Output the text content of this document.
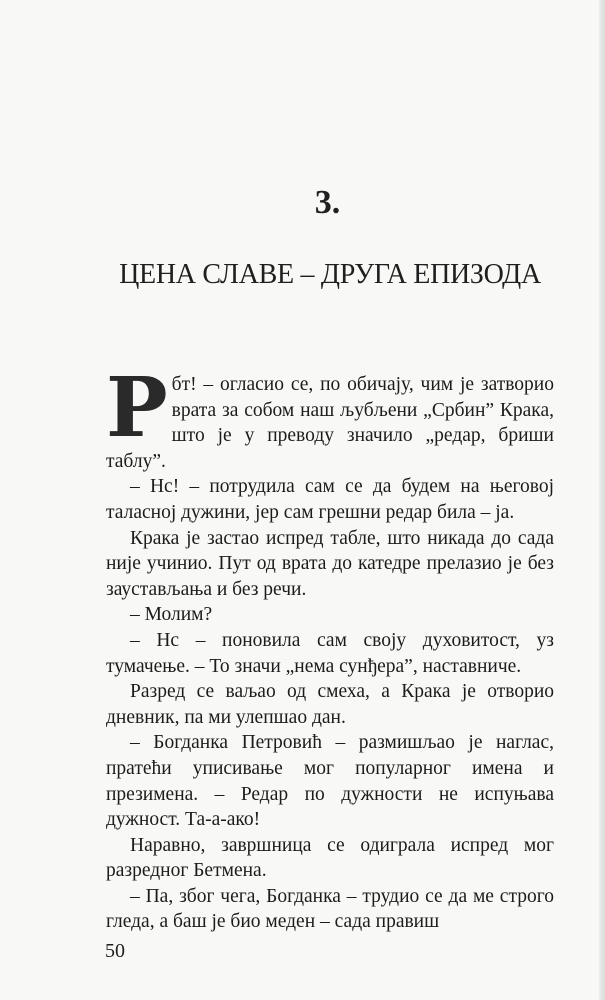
3.
ЦЕНА СЛАВЕ – ДРУГА ЕПИЗОДА

Рбт! – огласио се, по обичају, чим је затворио врата за собом наш љубљени „Србин” Крака, што је у преводу значило „редар, бриши таблу”.

– Нс! – потрудила сам се да будем на његовој таласној дужини, јер сам грешни редар била – ја.

Крака је застао испред табле, што никада до сада није учинио. Пут од врата до катедре прелазио је без заустављања и без речи.

– Молим?

– Нс – поновила сам своју духовитост, уз тумачење. – То значи „нема сунђера”, наставниче.

Разред се ваљао од смеха, а Крака је отворио дневник, па ми улепшао дан.

– Богданка Петровић – размишљао је наглас, пратећи уписивање мог популарног имена и презимена. – Редар по дужности не испуњава дужност. Та-а-ако!

Наравно, завршница се одиграла испред мог разредног Бетмена.

– Па, због чега, Богданка – трудио се да ме строго гледа, а баш је био меден – сада правиш

50
